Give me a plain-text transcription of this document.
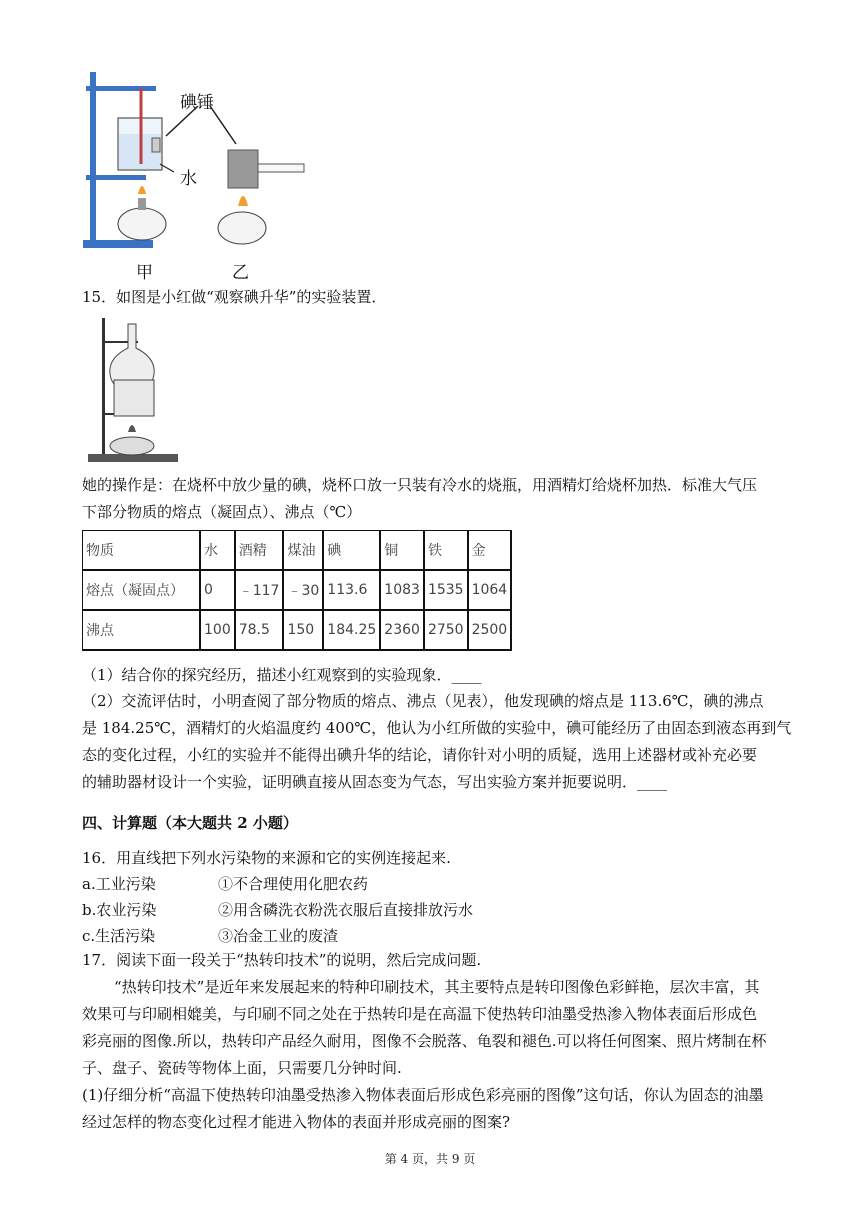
碘锤
水
甲	乙
15．如图是小红做“观察碘升华”的实验装置．
她的操作是：在烧杯中放少量的碘，烧杯口放一只装有冷水的烧瓶，用酒精灯给烧杯加热．标准大气压
下部分物质的熔点（凝固点）、沸点（℃）
物质	水	酒精	煤油	碘	铜	铁	金
熔点（凝固点）	0	﹣117	﹣30	113.6	1083	1535	1064
沸点	100	78.5	150	184.25	2360	2750	2500
（1）结合你的探究经历，描述小红观察到的实验现象．____
（2）交流评估时，小明查阅了部分物质的熔点、沸点（见表），他发现碘的熔点是 113.6℃，碘的沸点
是 184.25℃，酒精灯的火焰温度约 400℃，他认为小红所做的实验中，碘可能经历了由固态到液态再到气
态的变化过程，小红的实验并不能得出碘升华的结论，请你针对小明的质疑，选用上述器材或补充必要
的辅助器材设计一个实验，证明碘直接从固态变为气态，写出实验方案并扼要说明．____
四、计算题（本大题共 2 小题）
16．用直线把下列水污染物的来源和它的实例连接起来.
a.工业污染	①不合理使用化肥农药
b.农业污染	②用含磷洗衣粉洗衣服后直接排放污水
c.生活污染	③冶金工业的废渣
17．阅读下面一段关于“热转印技术”的说明，然后完成问题.
“热转印技术”是近年来发展起来的特种印刷技术，其主要特点是转印图像色彩鲜艳，层次丰富，其
效果可与印刷相媲美，与印刷不同之处在于热转印是在高温下使热转印油墨受热渗入物体表面后形成色
彩亮丽的图像.所以，热转印产品经久耐用，图像不会脱落、龟裂和褪色.可以将任何图案、照片烤制在杯
子、盘子、瓷砖等物体上面，只需要几分钟时间.
(1)仔细分析“高温下使热转印油墨受热渗入物体表面后形成色彩亮丽的图像”这句话，你认为固态的油墨
经过怎样的物态变化过程才能进入物体的表面并形成亮丽的图案?
第 4 页，共 9 页
